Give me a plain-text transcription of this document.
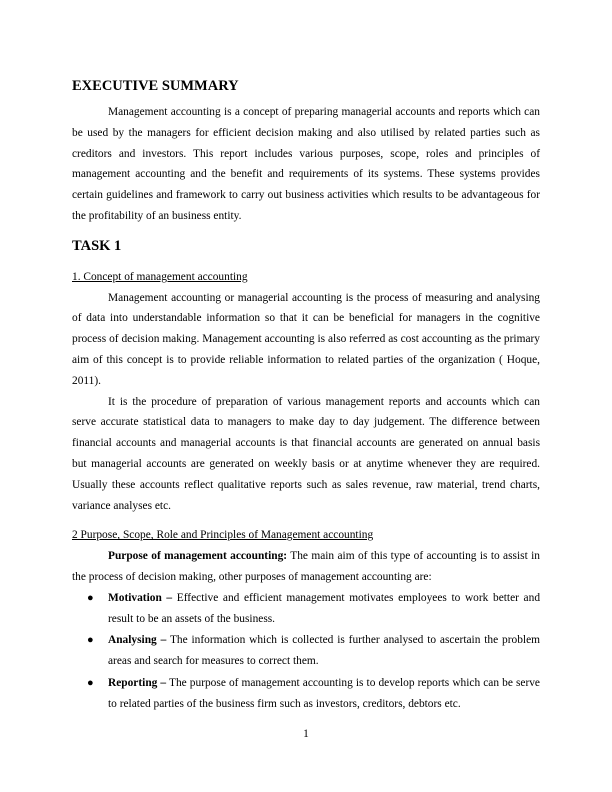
EXECUTIVE SUMMARY

Management accounting is a concept of preparing managerial accounts and reports which can be used by the managers for efficient decision making and also utilised by related parties such as creditors and investors. This report includes various purposes, scope, roles and principles of management accounting and the benefit and requirements of its systems. These systems provides certain guidelines and framework to carry out business activities which results to be advantageous for the profitability of an business entity.

TASK 1

1. Concept of management accounting

Management accounting or managerial accounting is the process of measuring and analysing of data into understandable information so that it can be beneficial for managers in the cognitive process of decision making. Management accounting is also referred as cost accounting as the primary aim of this concept is to provide reliable information to related parties of the organization ( Hoque, 2011).

It is the procedure of preparation of various management reports and accounts which can serve accurate statistical data to managers to make day to day judgement. The difference between financial accounts and managerial accounts is that financial accounts are generated on annual basis but managerial accounts are generated on weekly basis or at anytime whenever they are required. Usually these accounts reflect qualitative reports such as sales revenue, raw material, trend charts, variance analyses etc.

2 Purpose, Scope, Role and Principles of Management accounting

Purpose of management accounting: The main aim of this type of accounting is to assist in the process of decision making, other purposes of management accounting are:

● Motivation – Effective and efficient management motivates employees to work better and result to be an assets of the business.
● Analysing – The information which is collected is further analysed to ascertain the problem areas and search for measures to correct them.
● Reporting – The purpose of management accounting is to develop reports which can be serve to related parties of the business firm such as investors, creditors, debtors etc.
1
